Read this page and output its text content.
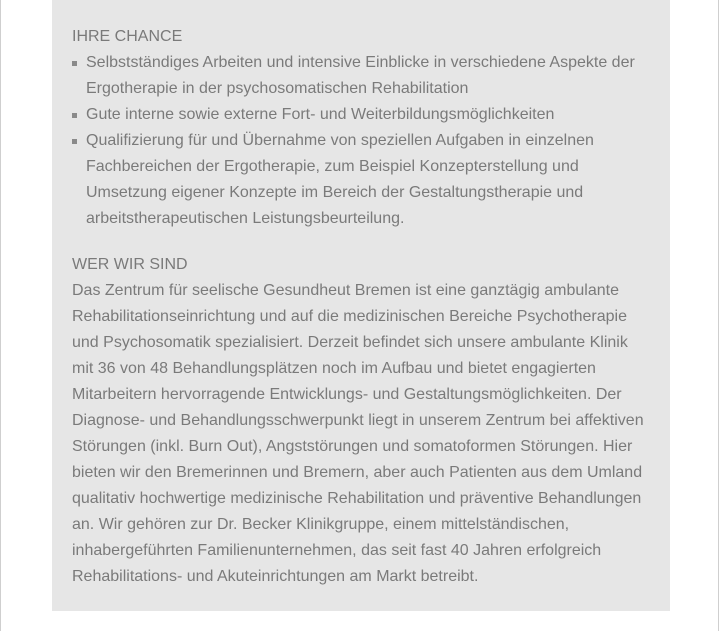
IHRE CHANCE
Selbstständiges Arbeiten und intensive Einblicke in verschiedene Aspekte der Ergotherapie in der psychosomatischen Rehabilitation
Gute interne sowie externe Fort- und Weiterbildungsmöglichkeiten
Qualifizierung für und Übernahme von speziellen Aufgaben in einzelnen Fachbereichen der Ergotherapie, zum Beispiel Konzepterstellung und Umsetzung eigener Konzepte im Bereich der Gestaltungstherapie und arbeitstherapeutischen Leistungsbeurteilung.
WER WIR SIND

Das Zentrum für seelische Gesundheut Bremen ist eine ganztägig ambulante Rehabilitationseinrichtung und auf die medizinischen Bereiche Psychotherapie und Psychosomatik spezialisiert. Derzeit befindet sich unsere ambulante Klinik mit 36 von 48 Behandlungsplätzen noch im Aufbau und bietet engagierten Mitarbeitern hervorragende Entwicklungs- und Gestaltungsmöglichkeiten. Der Diagnose- und Behandlungsschwerpunkt liegt in unserem Zentrum bei affektiven Störungen (inkl. Burn Out), Angststörungen und somatoformen Störungen. Hier bieten wir den Bremerinnen und Bremern, aber auch Patienten aus dem Umland qualitativ hochwertige medizinische Rehabilitation und präventive Behandlungen an. Wir gehören zur Dr. Becker Klinikgruppe, einem mittelständischen, inhabergeführten Familienunternehmen, das seit fast 40 Jahren erfolgreich Rehabilitations- und Akuteinrichtungen am Markt betreibt.
